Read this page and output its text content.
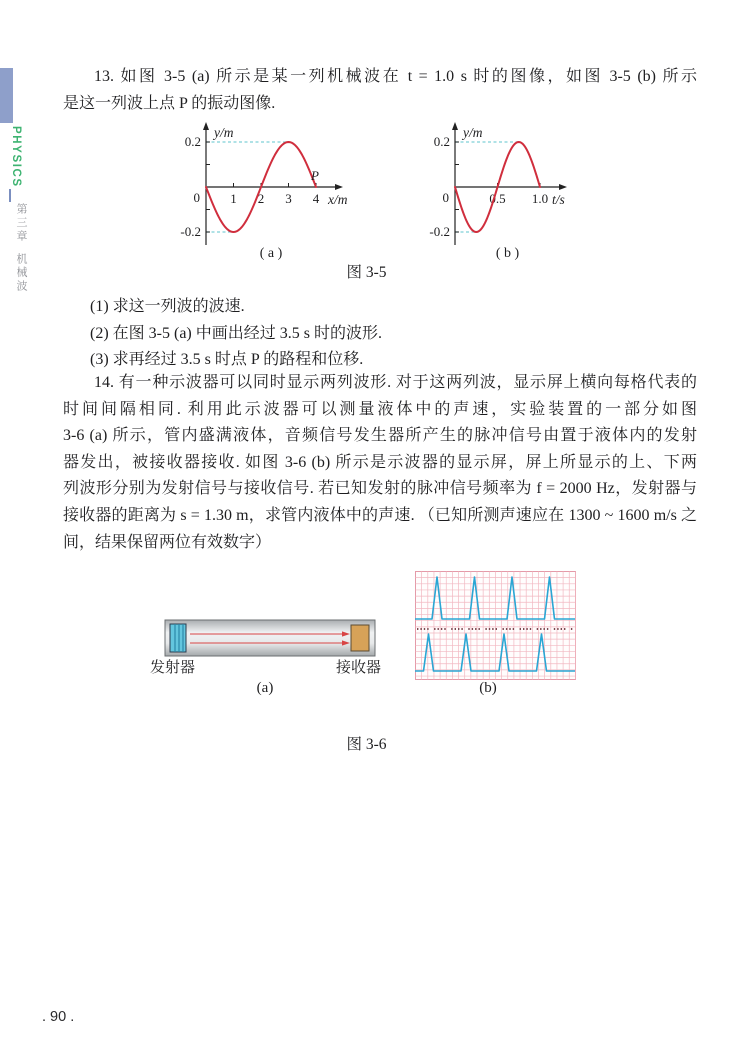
PHYSICS
第三章
机械波
13. 如图 3-5 (a) 所示是某一列机械波在 t = 1.0 s 时的图像，如图 3-5 (b) 所示
是这一列波上点 P 的振动图像.
1 2 3 4
0.2
-0.2
0
y/m
x/m
P
( a )
0.5 1.0
0.2
-0.2
0
y/m
t/s
( b )
图 3-5
(1) 求这一列波的波速.
(2) 在图 3-5 (a) 中画出经过 3.5 s 时的波形.
(3) 求再经过 3.5 s 时点 P 的路程和位移.
14. 有一种示波器可以同时显示两列波形. 对于这两列波，显示屏上横向每格代表的
时间间隔相同. 利用此示波器可以测量液体中的声速，实验装置的一部分如图
3-6 (a) 所示，管内盛满液体，音频信号发生器所产生的脉冲信号由置于液体内的发射
器发出，被接收器接收. 如图 3-6 (b) 所示是示波器的显示屏，屏上所显示的上、下两
列波形分别为发射信号与接收信号. 若已知发射的脉冲信号频率为 f = 2000 Hz，发射器与
接收器的距离为 s = 1.30 m，求管内液体中的声速. （已知所测声速应在 1300 ~ 1600 m/s 之
间，结果保留两位有效数字）
发射器	接收器
(a)	(b)
图 3-6
. 90 .
